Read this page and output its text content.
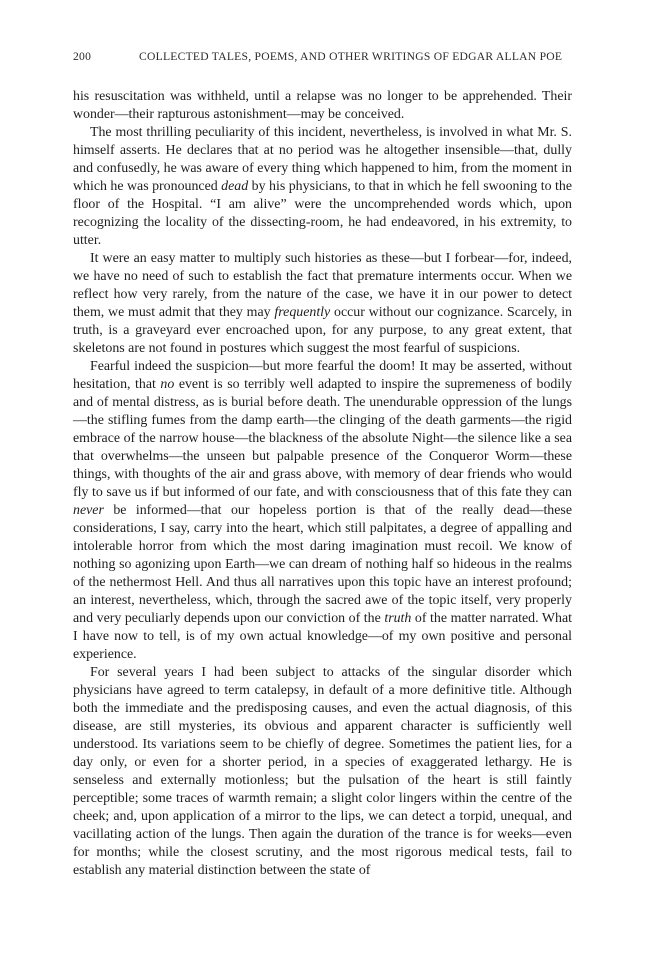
200	COLLECTED TALES, POEMS, AND OTHER WRITINGS OF EDGAR ALLAN POE

his resuscitation was withheld, until a relapse was no longer to be apprehended. Their wonder—their rapturous astonishment—may be conceived.

The most thrilling peculiarity of this incident, nevertheless, is involved in what Mr. S. himself asserts. He declares that at no period was he altogether insensible—that, dully and confusedly, he was aware of every thing which happened to him, from the moment in which he was pronounced dead by his physicians, to that in which he fell swooning to the floor of the Hospital. “I am alive” were the uncomprehended words which, upon recognizing the locality of the dissecting-room, he had endeavored, in his extremity, to utter.

It were an easy matter to multiply such histories as these—but I forbear—for, indeed, we have no need of such to establish the fact that premature interments occur. When we reflect how very rarely, from the nature of the case, we have it in our power to detect them, we must admit that they may frequently occur without our cognizance. Scarcely, in truth, is a graveyard ever encroached upon, for any purpose, to any great extent, that skeletons are not found in postures which suggest the most fearful of suspicions.

Fearful indeed the suspicion—but more fearful the doom! It may be asserted, without hesitation, that no event is so terribly well adapted to inspire the supremeness of bodily and of mental distress, as is burial before death. The unendurable oppression of the lungs—the stifling fumes from the damp earth—the clinging of the death garments—the rigid embrace of the narrow house—the blackness of the absolute Night—the silence like a sea that overwhelms—the unseen but palpable presence of the Conqueror Worm—these things, with thoughts of the air and grass above, with memory of dear friends who would fly to save us if but informed of our fate, and with consciousness that of this fate they can never be informed—that our hopeless portion is that of the really dead—these considerations, I say, carry into the heart, which still palpitates, a degree of appalling and intolerable horror from which the most daring imagination must recoil. We know of nothing so agonizing upon Earth—we can dream of nothing half so hideous in the realms of the nethermost Hell. And thus all narratives upon this topic have an interest profound; an interest, nevertheless, which, through the sacred awe of the topic itself, very properly and very peculiarly depends upon our conviction of the truth of the matter narrated. What I have now to tell, is of my own actual knowledge—of my own positive and personal experience.

For several years I had been subject to attacks of the singular disorder which physicians have agreed to term catalepsy, in default of a more definitive title. Although both the immediate and the predisposing causes, and even the actual diagnosis, of this disease, are still mysteries, its obvious and apparent character is sufficiently well understood. Its variations seem to be chiefly of degree. Sometimes the patient lies, for a day only, or even for a shorter period, in a species of exaggerated lethargy. He is senseless and externally motionless; but the pulsation of the heart is still faintly perceptible; some traces of warmth remain; a slight color lingers within the centre of the cheek; and, upon application of a mirror to the lips, we can detect a torpid, unequal, and vacillating action of the lungs. Then again the duration of the trance is for weeks—even for months; while the closest scrutiny, and the most rigorous medical tests, fail to establish any material distinction between the state of
